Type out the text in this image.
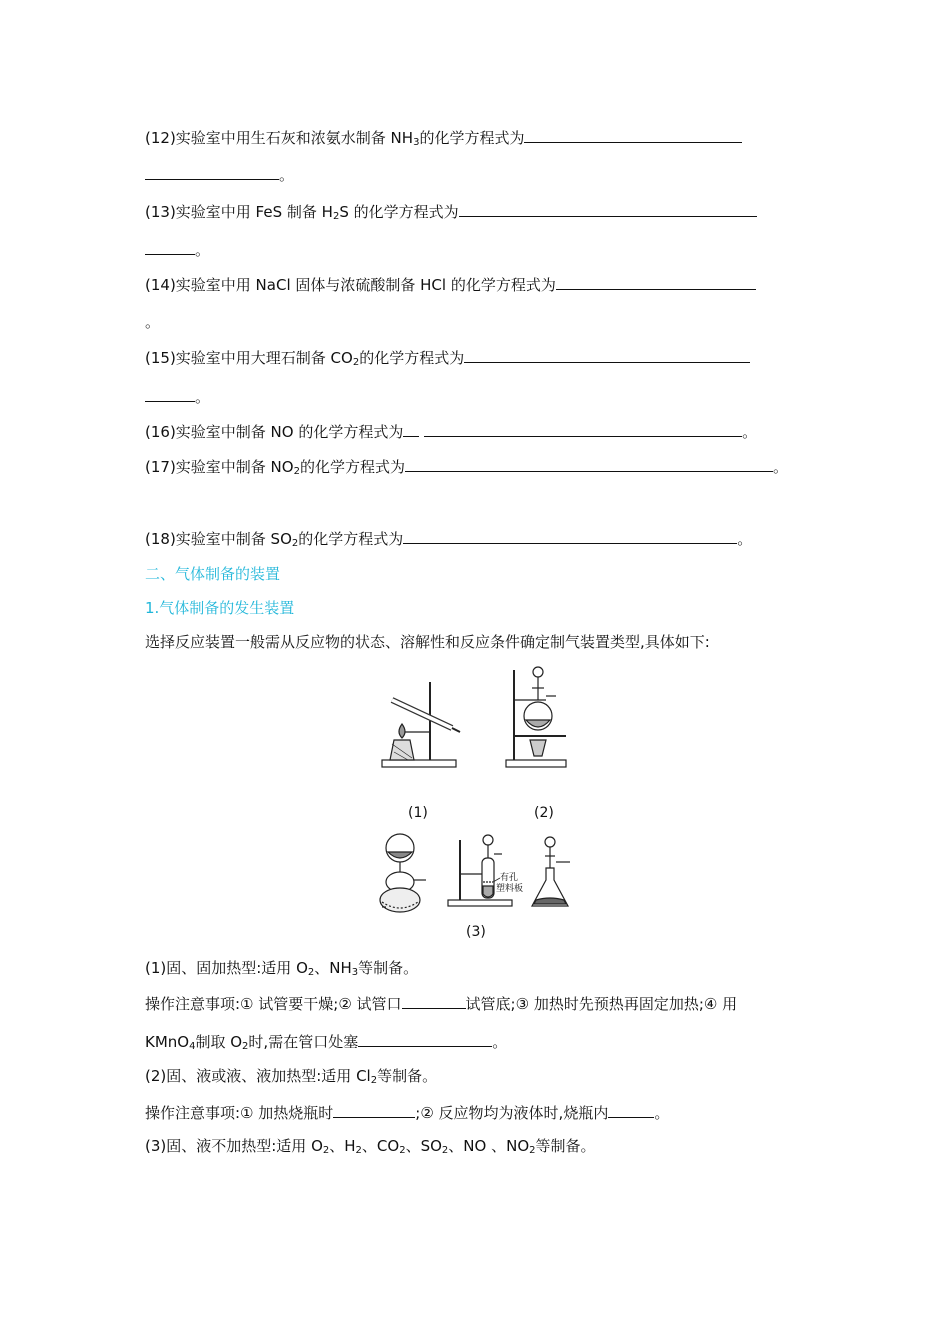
(12)实验室中用生石灰和浓氨水制备 $NH_3$的化学方程式为
。
(13)实验室中用 FeS 制备 $H_2S$ 的化学方程式为
。
(14)实验室中用 NaCl 固体与浓硫酸制备 HCl 的化学方程式为
。
(15)实验室中用大理石制备 $CO_2$的化学方程式为
。
(16)实验室中制备 NO 的化学方程式为	。
(17)实验室中制备 $NO_2$的化学方程式为	。
(18)实验室中制备 $SO_2$的化学方程式为	。
二、气体制备的装置
1.气体制备的发生装置
选择反应装置一般需从反应物的状态、溶解性和反应条件确定制气装置类型,具体如下:
(1)	(2)
有孔
塑料板
(3)
(1)固、固加热型:适用 $O_2$、$NH_3$等制备。
操作注意事项:① 试管要干燥;② 试管口	试管底;③ 加热时先预热再固定加热;④ 用
KMnO$_4$制取 $O_2$时,需在管口处塞	。
(2)固、液或液、液加热型:适用 $Cl_2$等制备。
操作注意事项:① 加热烧瓶时	;② 反应物均为液体时,烧瓶内	。
(3)固、液不加热型:适用 $O_2$、$H_2$、$CO_2$、$SO_2$、NO 、$NO_2$等制备。
